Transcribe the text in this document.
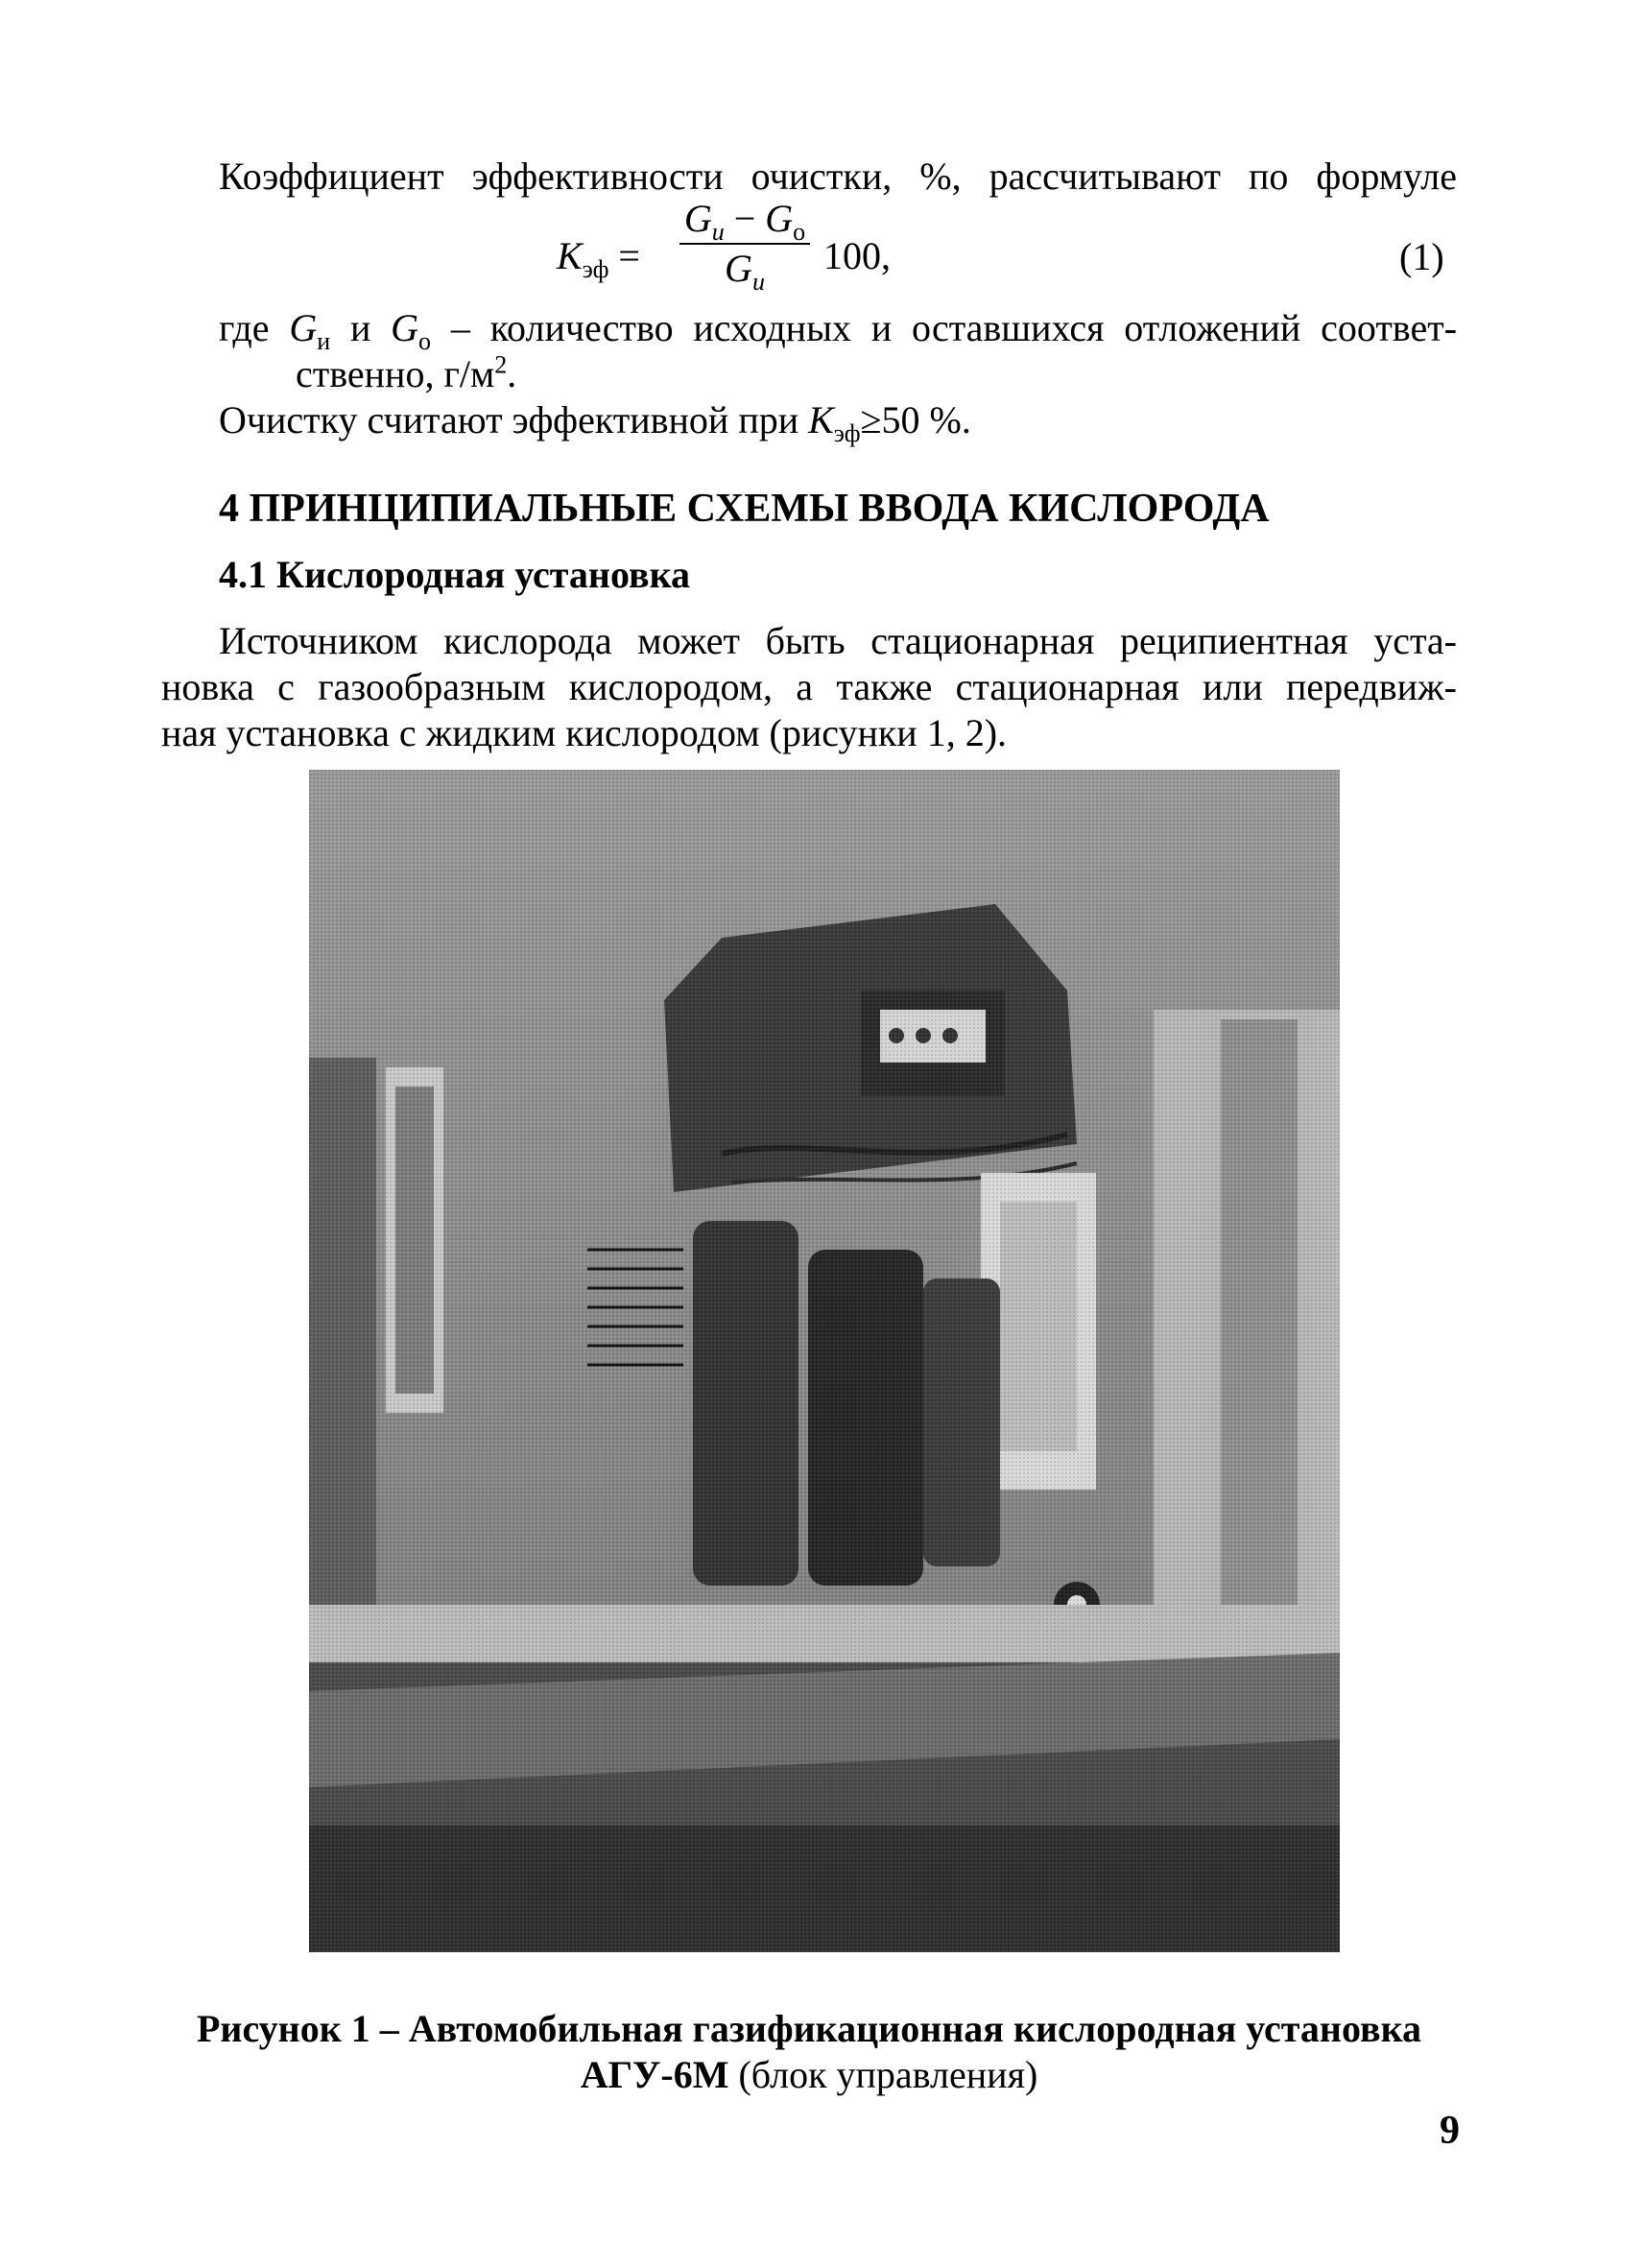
Коэффициент эффективности очистки, %, рассчитывают по формуле
$К_{эф}$ =
$G_и - G_о$
$G_и$
100,	(1)
где $G_и$ и $G_о$ – количество исходных и оставшихся отложений соответ-
ственно, $г/м^2$.
Очистку считают эффективной при $К_{эф}\ge 50$ %.
4 ПРИНЦИПИАЛЬНЫЕ СХЕМЫ ВВОДА КИСЛОРОДА
4.1 Кислородная установка
Источником кислорода может быть стационарная реципиентная уста-
новка с газообразным кислородом, а также стационарная или передвиж-
ная установка с жидким кислородом (рисунки 1, 2).
Рисунок 1 – Автомобильная газификационная кислородная установка
АГУ-6М (блок управления)
9
